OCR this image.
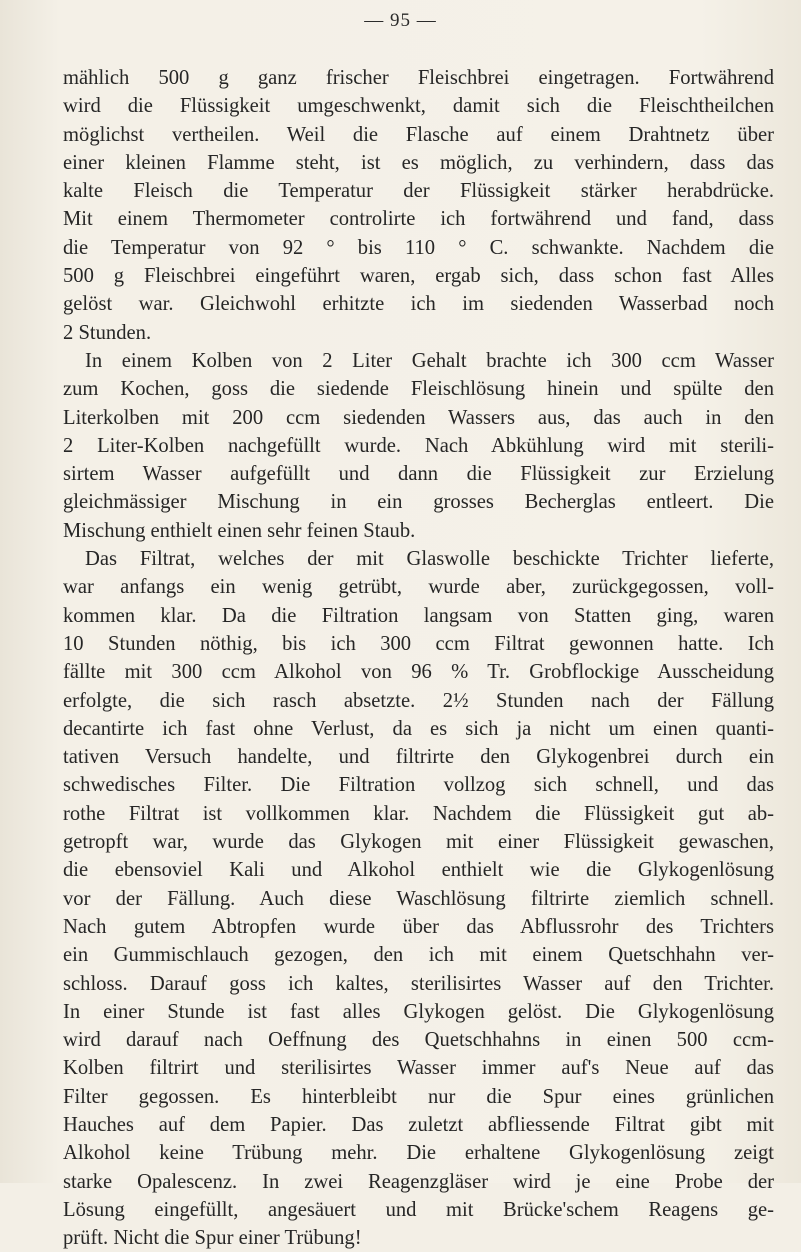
— 95 —
mählich 500 g ganz frischer Fleischbrei eingetragen. Fortwährend
wird die Flüssigkeit umgeschwenkt, damit sich die Fleischtheilchen
möglichst vertheilen. Weil die Flasche auf einem Drahtnetz über
einer kleinen Flamme steht, ist es möglich, zu verhindern, dass das
kalte Fleisch die Temperatur der Flüssigkeit stärker herabdrücke.
Mit einem Thermometer controlirte ich fortwährend und fand, dass
die Temperatur von 92 ° bis 110 ° C. schwankte. Nachdem die
500 g Fleischbrei eingeführt waren, ergab sich, dass schon fast Alles
gelöst war. Gleichwohl erhitzte ich im siedenden Wasserbad noch
2 Stunden.
In einem Kolben von 2 Liter Gehalt brachte ich 300 ccm Wasser
zum Kochen, goss die siedende Fleischlösung hinein und spülte den
Literkolben mit 200 ccm siedenden Wassers aus, das auch in den
2 Liter-Kolben nachgefüllt wurde. Nach Abkühlung wird mit sterili-
sirtem Wasser aufgefüllt und dann die Flüssigkeit zur Erzielung
gleichmässiger Mischung in ein grosses Becherglas entleert. Die
Mischung enthielt einen sehr feinen Staub.
Das Filtrat, welches der mit Glaswolle beschickte Trichter lieferte,
war anfangs ein wenig getrübt, wurde aber, zurückgegossen, voll-
kommen klar. Da die Filtration langsam von Statten ging, waren
10 Stunden nöthig, bis ich 300 ccm Filtrat gewonnen hatte. Ich
fällte mit 300 ccm Alkohol von 96 % Tr. Grobflockige Ausscheidung
erfolgte, die sich rasch absetzte. 2½ Stunden nach der Fällung
decantirte ich fast ohne Verlust, da es sich ja nicht um einen quanti-
tativen Versuch handelte, und filtrirte den Glykogenbrei durch ein
schwedisches Filter. Die Filtration vollzog sich schnell, und das
rothe Filtrat ist vollkommen klar. Nachdem die Flüssigkeit gut ab-
getropft war, wurde das Glykogen mit einer Flüssigkeit gewaschen,
die ebensoviel Kali und Alkohol enthielt wie die Glykogenlösung
vor der Fällung. Auch diese Waschlösung filtrirte ziemlich schnell.
Nach gutem Abtropfen wurde über das Abflussrohr des Trichters
ein Gummischlauch gezogen, den ich mit einem Quetschhahn ver-
schloss. Darauf goss ich kaltes, sterilisirtes Wasser auf den Trichter.
In einer Stunde ist fast alles Glykogen gelöst. Die Glykogenlösung
wird darauf nach Oeffnung des Quetschhahns in einen 500 ccm-
Kolben filtrirt und sterilisirtes Wasser immer auf's Neue auf das
Filter gegossen. Es hinterbleibt nur die Spur eines grünlichen
Hauches auf dem Papier. Das zuletzt abfliessende Filtrat gibt mit
Alkohol keine Trübung mehr. Die erhaltene Glykogenlösung zeigt
starke Opalescenz. In zwei Reagenzgläser wird je eine Probe der
Lösung eingefüllt, angesäuert und mit Brücke'schem Reagens ge-
prüft. Nicht die Spur einer Trübung!
